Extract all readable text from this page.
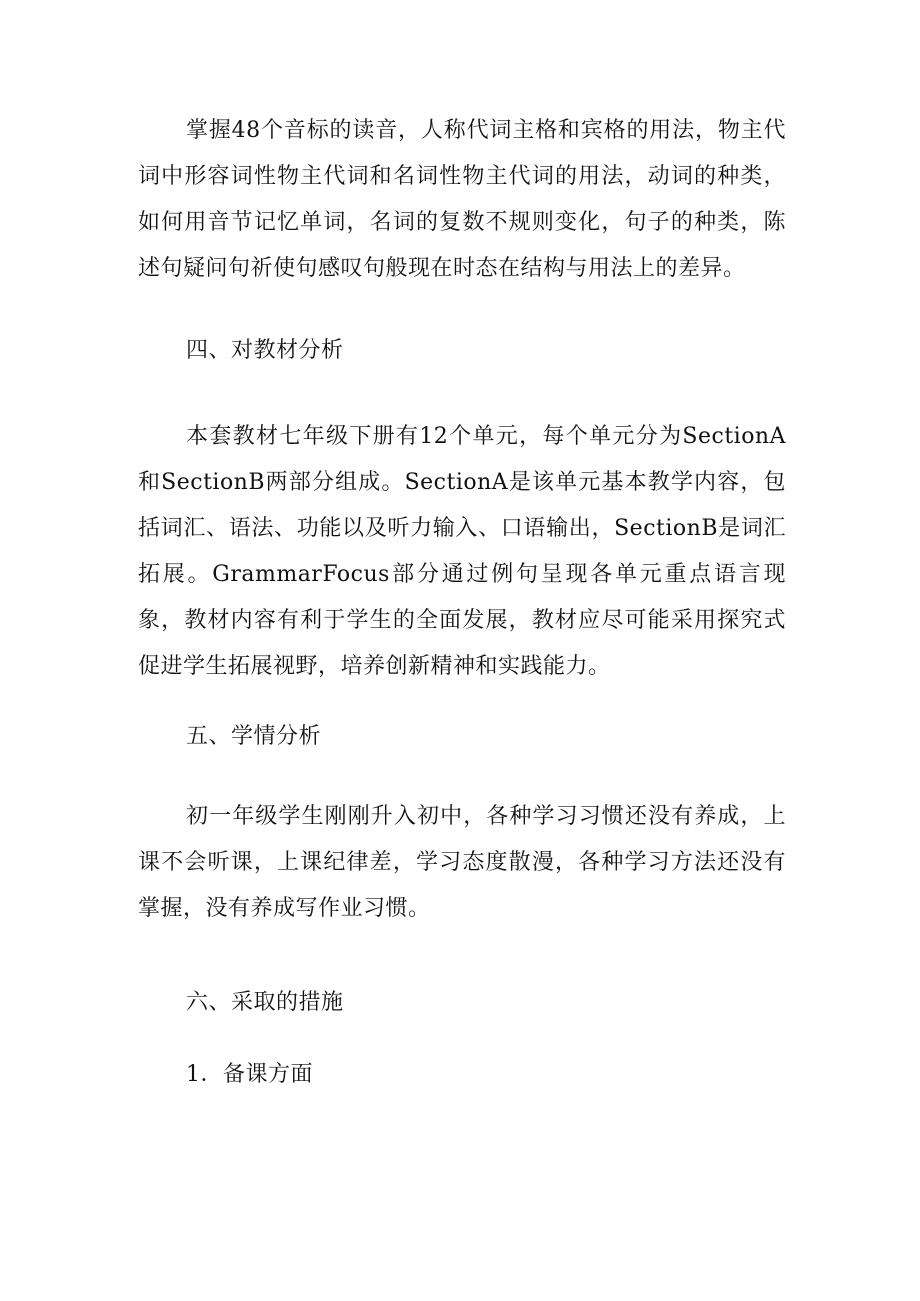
掌握48个音标的读音，人称代词主格和宾格的用法，物主代词中形容词性物主代词和名词性物主代词的用法，动词的种类，如何用音节记忆单词，名词的复数不规则变化，句子的种类，陈述句疑问句祈使句感叹句般现在时态在结构与用法上的差异。

四、对教材分析

本套教材七年级下册有12个单元，每个单元分为SectionA和SectionB两部分组成。SectionA是该单元基本教学内容，包括词汇、语法、功能以及听力输入、口语输出，SectionB是词汇拓展。GrammarFocus部分通过例句呈现各单元重点语言现象，教材内容有利于学生的全面发展，教材应尽可能采用探究式促进学生拓展视野，培养创新精神和实践能力。

五、学情分析

初一年级学生刚刚升入初中，各种学习习惯还没有养成，上课不会听课，上课纪律差，学习态度散漫，各种学习方法还没有掌握，没有养成写作业习惯。

六、采取的措施
1．备课方面
